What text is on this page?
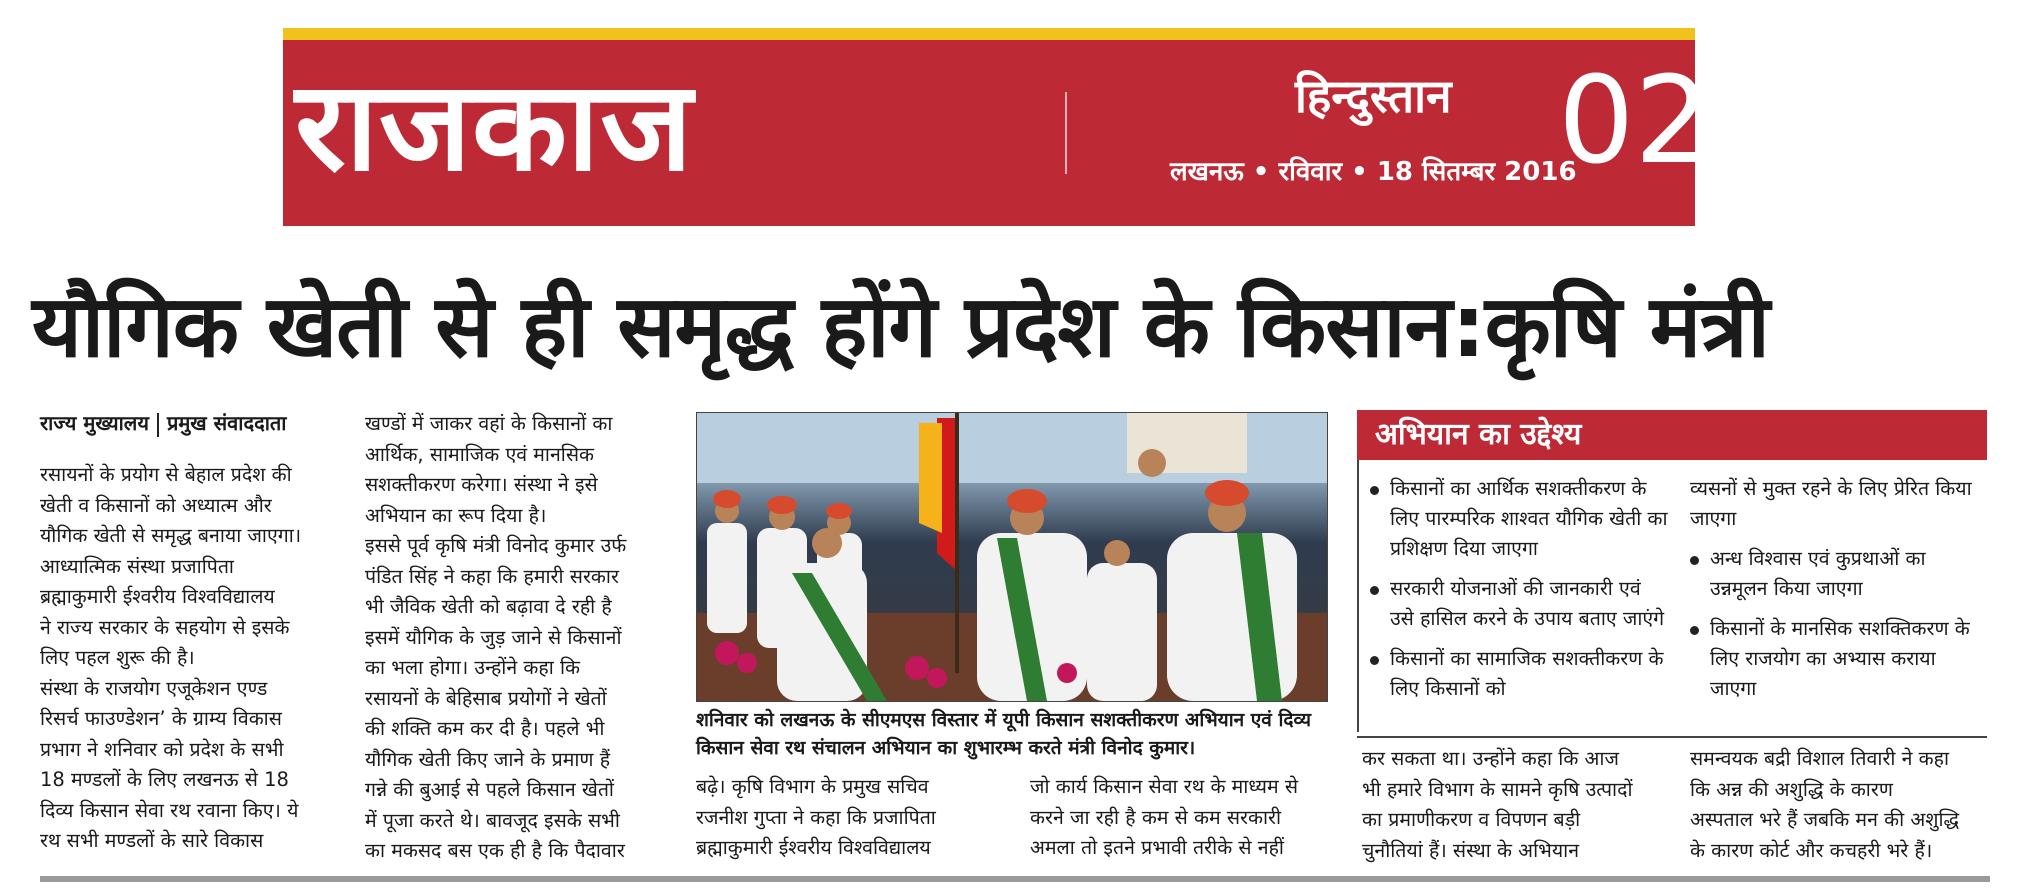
राजकाज	हिन्दुस्तान
लखनऊ • रविवार • 18 सितम्बर 2016
02
यौगिक खेती से ही समृद्ध होंगे प्रदेश के किसान:कृषि मंत्री
राज्य मुख्यालय प्रमुख संवाददाता

रसायनों के प्रयोग से बेहाल प्रदेश की

खेती व किसानों को अध्यात्म और

यौगिक खेती से समृद्ध बनाया जाएगा।

आध्यात्मिक संस्था प्रजापिता

ब्रह्माकुमारी ईश्वरीय विश्वविद्यालय

ने राज्य सरकार के सहयोग से इसके

लिए पहल शुरू की है।

संस्था के राजयोग एजूकेशन एण्ड

रिसर्च फाउण्डेशन’ के ग्राम्य विकास

प्रभाग ने शनिवार को प्रदेश के सभी

18 मण्डलों के लिए लखनऊ से 18

दिव्य किसान सेवा रथ रवाना किए। ये

रथ सभी मण्डलों के सारे विकास

खण्डों में जाकर वहां के किसानों का

आर्थिक, सामाजिक एवं मानसिक

सशक्तीकरण करेगा। संस्था ने इसे

अभियान का रूप दिया है।

इससे पूर्व कृषि मंत्री विनोद कुमार उर्फ

पंडित सिंह ने कहा कि हमारी सरकार

भी जैविक खेती को बढ़ावा दे रही है

इसमें यौगिक के जुड़ जाने से किसानों

का भला होगा। उन्होंने कहा कि

रसायनों के बेहिसाब प्रयोगों ने खेतों

की शक्ति कम कर दी है। पहले भी

यौगिक खेती किए जाने के प्रमाण हैं

गन्ने की बुआई से पहले किसान खेतों

में पूजा करते थे। बावजूद इसके सभी

का मकसद बस एक ही है कि पैदावार

शनिवार को लखनऊ के सीएमएस विस्तार में यूपी किसान सशक्तीकरण अभियान एवं दिव्य किसान सेवा रथ संचालन अभियान का शुभारम्भ करते मंत्री विनोद कुमार।

बढ़े। कृषि विभाग के प्रमुख सचिव

रजनीश गुप्ता ने कहा कि प्रजापिता

ब्रह्माकुमारी ईश्वरीय विश्वविद्यालय

जो कार्य किसान सेवा रथ के माध्यम से

करने जा रही है कम से कम सरकारी

अमला तो इतने प्रभावी तरीके से नहीं

अभियान का उद्देश्य
किसानों का आर्थिक सशक्तीकरण के लिए पारम्परिक शाश्वत यौगिक खेती का प्रशिक्षण दिया जाएगा
सरकारी योजनाओं की जानकारी एवं उसे हासिल करने के उपाय बताए जाएंगे
किसानों का सामाजिक सशक्तीकरण के लिए किसानों को
व्यसनों से मुक्त रहने के लिए प्रेरित किया जाएगा
अन्ध विश्वास एवं कुप्रथाओं का उन्नमूलन किया जाएगा
किसानों के मानसिक सशक्तिकरण के लिए राजयोग का अभ्यास कराया जाएगा

कर सकता था। उन्होंने कहा कि आज

भी हमारे विभाग के सामने कृषि उत्पादों

का प्रमाणीकरण व विपणन बड़ी

चुनौतियां हैं। संस्था के अभियान

समन्वयक बद्री विशाल तिवारी ने कहा

कि अन्न की अशुद्धि के कारण

अस्पताल भरे हैं जबकि मन की अशुद्धि

के कारण कोर्ट और कचहरी भरे हैं।
